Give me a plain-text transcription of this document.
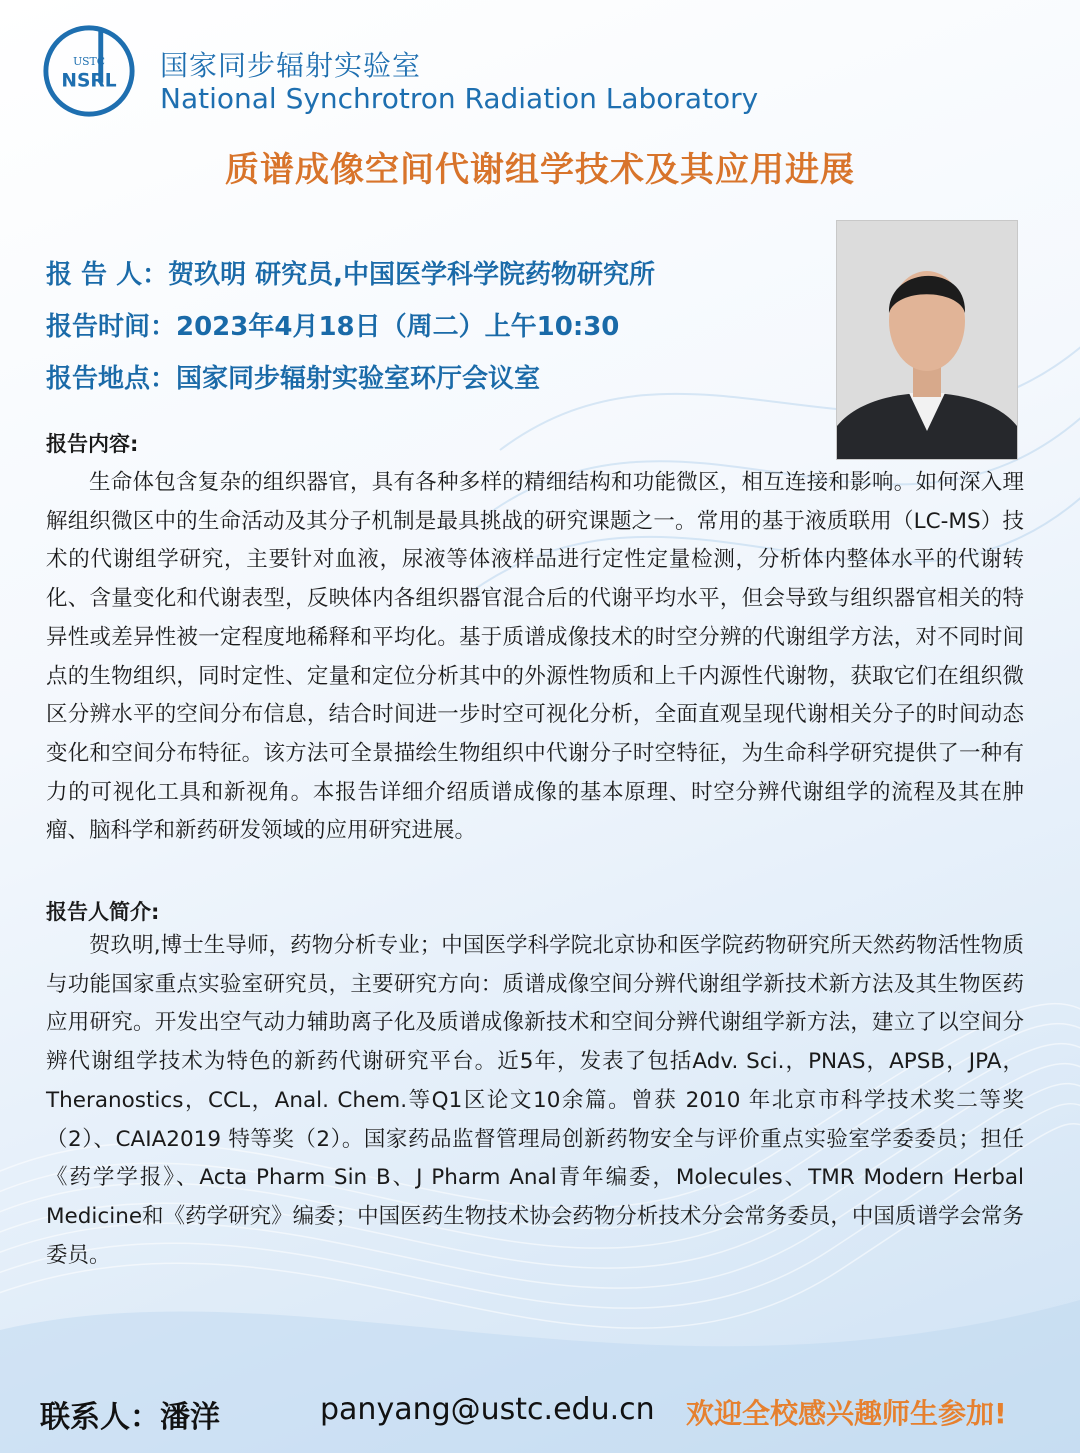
USTC
NSRL 国家同步辐射实验室
National Synchrotron Radiation Laboratory
质谱成像空间代谢组学技术及其应用进展
报 告 人：贺玖明 研究员,中国医学科学院药物研究所
报告时间：2023年4月18日（周二）上午10:30
报告地点：国家同步辐射实验室环厅会议室
报告内容:
生命体包含复杂的组织器官，具有各种多样的精细结构和功能微区，相互连接和影响。如何深入理解组织微区中的生命活动及其分子机制是最具挑战的研究课题之一。常用的基于液质联用（LC-MS）技术的代谢组学研究，主要针对血液，尿液等体液样品进行定性定量检测，分析体内整体水平的代谢转化、含量变化和代谢表型，反映体内各组织器官混合后的代谢平均水平，但会导致与组织器官相关的特异性或差异性被一定程度地稀释和平均化。基于质谱成像技术的时空分辨的代谢组学方法，对不同时间点的生物组织，同时定性、定量和定位分析其中的外源性物质和上千内源性代谢物，获取它们在组织微区分辨水平的空间分布信息，结合时间进一步时空可视化分析，全面直观呈现代谢相关分子的时间动态变化和空间分布特征。该方法可全景描绘生物组织中代谢分子时空特征，为生命科学研究提供了一种有力的可视化工具和新视角。本报告详细介绍质谱成像的基本原理、时空分辨代谢组学的流程及其在肿瘤、脑科学和新药研发领域的应用研究进展。
报告人简介:
贺玖明,博士生导师，药物分析专业；中国医学科学院北京协和医学院药物研究所天然药物活性物质与功能国家重点实验室研究员，主要研究方向：质谱成像空间分辨代谢组学新技术新方法及其生物医药应用研究。开发出空气动力辅助离子化及质谱成像新技术和空间分辨代谢组学新方法，建立了以空间分辨代谢组学技术为特色的新药代谢研究平台。近5年，发表了包括Adv. Sci.，PNAS，APSB，JPA，Theranostics，CCL，Anal. Chem.等Q1区论文10余篇。曾获 2010 年北京市科学技术奖二等奖（2）、CAIA2019 特等奖（2）。国家药品监督管理局创新药物安全与评价重点实验室学委委员；担任《药学学报》、Acta Pharm Sin B、J Pharm Anal青年编委，Molecules、TMR Modern Herbal Medicine和《药学研究》编委；中国医药生物技术协会药物分析技术分会常务委员，中国质谱学会常务委员。
联系人：潘洋	panyang@ustc.edu.cn 欢迎全校感兴趣师生参加!
